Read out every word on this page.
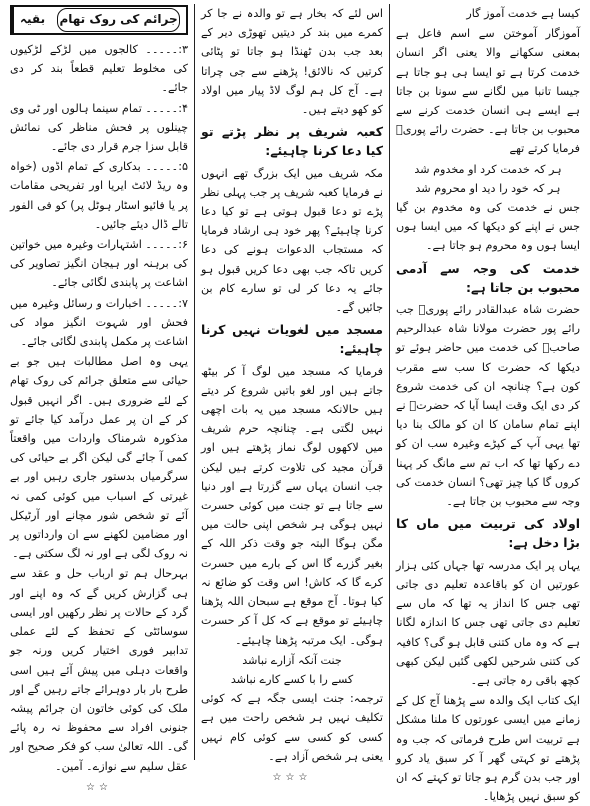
کیسا ہے خدمت آموز گار

آموزگار آموختن سے اسم فاعل ہے بمعنی سکھانے والا یعنی اگر انسان خدمت کرتا ہے تو ایسا ہی ہو جاتا ہے جیسا تانبا میں لگانے سے سونا بن جاتا ہے ایسے ہی انسان خدمت کرنے سے محبوب بن جاتا ہے۔ حضرت رائے پوریؒ فرمایا کرتے تھے

ہر کہ خدمت کرد او مخدوم شد

ہر کہ خود را دید او محروم شد

جس نے خدمت کی وہ مخدوم بن گیا جس نے اپنے کو دیکھا کہ میں ایسا ہوں ایسا ہوں وہ محروم ہو جاتا ہے۔

خدمت کی وجہ سے آدمی محبوب بن جاتا ہے:

حضرت شاہ عبدالقادر رائے پوریؒ جب رائے پور حضرت مولانا شاہ عبدالرحیم صاحبؒ کی خدمت میں حاضر ہوئے تو دیکھا کہ حضرت کا سب سے مقرب کون ہے؟ چنانچہ ان کی خدمت شروع کر دی ایک وقت ایسا آیا کہ حضرتؒ نے اپنے تمام سامان کا ان کو مالک بنا دیا تھا یہی آپ کے کپڑے وغیرہ سب ان کو دے رکھا تھا کہ اب تم سے مانگ کر پہنا کروں گا کیا چیز تھی؟ انسان خدمت کی وجہ سے محبوب بن جاتا ہے۔

اولاد کی تربیت میں ماں کا بڑا دخل ہے:

یہاں پر ایک مدرسہ تھا جہاں کئی ہزار عورتیں ان کو باقاعدہ تعلیم دی جاتی تھی جس کا انداز یہ تھا کہ ماں سے تعلیم دی جاتی تھی جس کا اندازہ لگانا ہے کہ وہ ماں کتنی قابل ہو گی؟ کافیہ کی کتنی شرحیں لکھی گئیں لیکن کبھی کچھ باقی رہ جاتی ہے۔

ایک کتاب ایک والدہ سے پڑھنا آج کل کے زمانے میں ایسی عورتوں کا ملنا مشکل ہے تربیت اس طرح فرماتی کہ جب وہ پڑھتے تو کہتی گھر آ کر سبق یاد کرو اور جب بدن گرم ہو جاتا تو کہتے کہ ان کو سبق نہیں پڑھایا۔

اس لئے کہ بخار ہے تو والدہ نے جا کر کمرے میں بند کر دیتیں تھوڑی دیر کے بعد جب بدن ٹھنڈا ہو جاتا تو پٹائی کرتیں کہ نالائق! پڑھنے سے جی چراتا ہے۔ آج کل ہم لوگ لاڈ پیار میں اولاد کو کھو دیتے ہیں۔

کعبہ شریف پر نظر پڑتے تو کیا دعا کرنا چاہیئے:

مکہ شریف میں ایک بزرگ تھے انہوں نے فرمایا کعبہ شریف پر جب پہلی نظر پڑے تو دعا قبول ہوتی ہے تو کیا دعا کرنا چاہیئے؟ پھر خود ہی ارشاد فرمایا کہ مستجاب الدعوات ہونے کی دعا کریں تاکہ جب بھی دعا کریں قبول ہو جائے یہ دعا کر لی تو سارے کام بن جائیں گے۔

مسجد میں لغویات نہیں کرنا چاہیئے:

فرمایا کہ مسجد میں لوگ آ کر بیٹھ جاتے ہیں اور لغو باتیں شروع کر دیتے ہیں حالانکہ مسجد میں یہ بات اچھی نہیں لگتی ہے۔ چنانچہ حرم شریف میں لاکھوں لوگ نماز پڑھتے ہیں اور قرآن مجید کی تلاوت کرتے ہیں لیکن جب انسان یہاں سے گزرتا ہے اور دنیا سے جاتا ہے تو جنت میں کوئی حسرت نہیں ہوگی ہر شخص اپنی حالت میں مگن ہوگا البتہ جو وقت ذکر اللہ کے بغیر گزرے گا اس کے بارے میں حسرت کرے گا کہ کاش! اس وقت کو ضائع نہ کیا ہوتا۔ آج موقع ہے سبحان اللہ پڑھنا چاہیئے تو موقع ہے کہ کل آ کر حسرت ہوگی۔ ایک مرتبہ پڑھنا چاہیئے۔

جنت آنکہ آزارے نباشد

کسے را با کسے کارے نباشد

ترجمہ: جنت ایسی جگہ ہے کہ کوئی تکلیف نہیں ہر شخص راحت میں ہے کسی کو کسی سے کوئی کام نہیں یعنی ہر شخص آزاد ہے۔

☆☆☆

بقیہ	جرائم کی روک تھام

۳:۔۔۔۔۔ کالجوں میں لڑکے لڑکیوں کی مخلوط تعلیم قطعاً بند کر دی جائے۔

۴:۔۔۔۔۔ تمام سینما ہالوں اور ٹی وی چینلوں پر فحش مناظر کی نمائش قابل سزا جرم قرار دی جائے۔

۵:۔۔۔۔۔ بدکاری کے تمام اڈوں (خواہ وہ ریڈ لائٹ ایریا اور تفریحی مقامات پر یا فائیو اسٹار ہوٹل پر) کو فی الفور تالے ڈال دیئے جائیں۔

۶:۔۔۔۔۔ اشتہارات وغیرہ میں خواتین کی برہنہ اور ہیجان انگیز تصاویر کی اشاعت پر پابندی لگائی جائے۔

۷:۔۔۔۔۔ اخبارات و رسائل وغیرہ میں فحش اور شہوت انگیز مواد کی اشاعت پر مکمل پابندی لگائی جائے۔

یہی وہ اصل مطالبات ہیں جو بے حیائی سے متعلق جرائم کی روک تھام کے لئے ضروری ہیں۔ اگر انہیں قبول کر کے ان پر عمل درآمد کیا جائے تو مذکورہ شرمناک واردات میں واقعتاً کمی آ جائے گی لیکن اگر بے حیائی کی سرگرمیاں بدستور جاری رہیں اور بے غیرتی کے اسباب میں کوئی کمی نہ آئے تو شخص شور مچانے اور آرٹیکل اور مضامین لکھنے سے ان وارداتوں پر نہ روک لگی ہے اور نہ لگ سکتی ہے۔

بہرحال ہم تو ارباب حل و عقد سے ہی گزارش کریں گے کہ وہ اپنے اور گرد کے حالات پر نظر رکھیں اور ایسی سوسائٹی کے تحفظ کے لئے عملی تدابیر فوری اختیار کریں ورنہ جو واقعات دہلی میں پیش آئے ہیں اسی طرح بار بار دوہرائے جاتے رہیں گے اور ملک کی کوئی خاتون ان جرائم پیشہ جنونی افراد سے محفوظ نہ رہ پائے گی۔ اللہ تعالیٰ سب کو فکر صحیح اور عقل سلیم سے نوازے۔ آمین۔

☆☆
